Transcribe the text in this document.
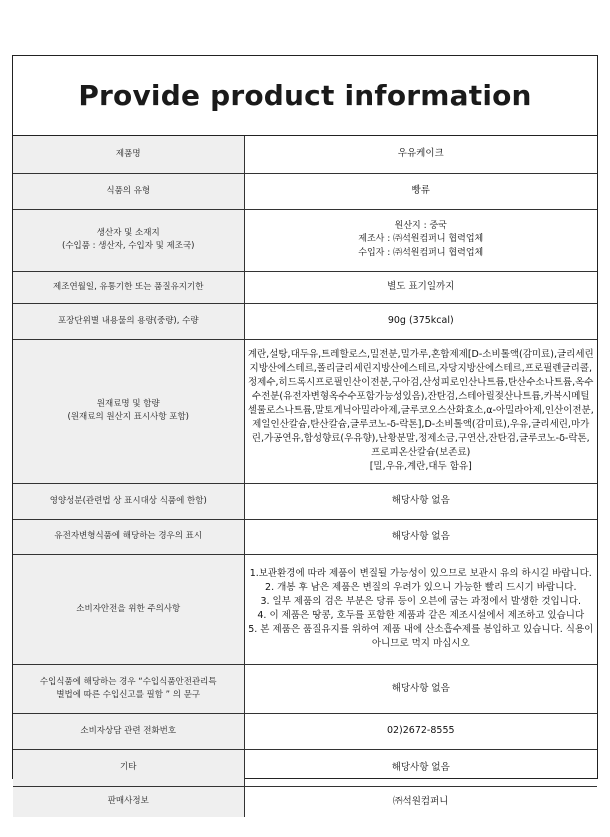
Provide product information
제품명	우유케이크
식품의 유형	빵류
생산자 및 소재지
(수입품 : 생산자, 수입자 및 제조국)	원산지 : 중국
제조사 : ㈜석원컴퍼니 협력업체
수입자 : ㈜석원컴퍼니 협력업체
제조연월일, 유통기한 또는 품질유지기한	별도 표기일까지
포장단위별 내용물의 용량(중량), 수량	90g (375kcal)
원재료명 및 함량
(원재료의 원산지 표시사항 포함)	계란,설탕,대두유,트레할로스,밀전분,밀가루,혼합제제[D-소비톨액(감미료),글리세린지방산에스테르,폴리글리세린지방산에스테르,자당지방산에스테르,프로필렌글리콜,정제수,히드록시프로필인산이전분,구아검,산성피로인산나트륨,탄산수소나트륨,옥수수전분(유전자변형옥수수포함가능성있음),잔탄검,스테아릴젖산나트륨,카복시메틸셀룰로스나트륨,말토게닉아밀라아제,글루코오스산화효소,α-아밀라아제,인산이전분,제일인산칼슘,탄산칼슘,글루코노-δ-락톤],D-소비톨액(감미료),우유,글리세린,마가린,가공연유,합성향료(우유향),난황분말,정제소금,구연산,잔탄검,글루코노-δ-락톤,프로피온산칼슘(보존료)
[밀,우유,계란,대두 함유]
영양성분(관련법 상 표시대상 식품에 한함)	해당사항 없음
유전자변형식품에 해당하는 경우의 표시	해당사항 없음
소비자안전을 위한 주의사항	1.보관환경에 따라 제품이 변질될 가능성이 있으므로 보관시 유의 하시길 바랍니다.
2. 개봉 후 남은 제품은 변질의 우려가 있으니 가능한 빨리 드시기 바랍니다.
3. 일부 제품의 검은 부분은 당류 등이 오븐에 굽는 과정에서 발생한 것입니다.
4. 이 제품은 땅콩, 호두를 포함한 제품과 같은 제조시설에서 제조하고 있습니다
5. 본 제품은 품질유지를 위하여 제품 내에 산소흡수제를 봉입하고 있습니다. 식용이 아니므로 먹지 마십시오
수입식품에 해당하는 경우 “수입식품안전관리특
별법에 따른 수입신고를 필함 ” 의 문구	해당사항 없음
소비자상담 관련 전화번호	02)2672-8555
기타	해당사항 없음
판매사정보	㈜석원컴퍼니
